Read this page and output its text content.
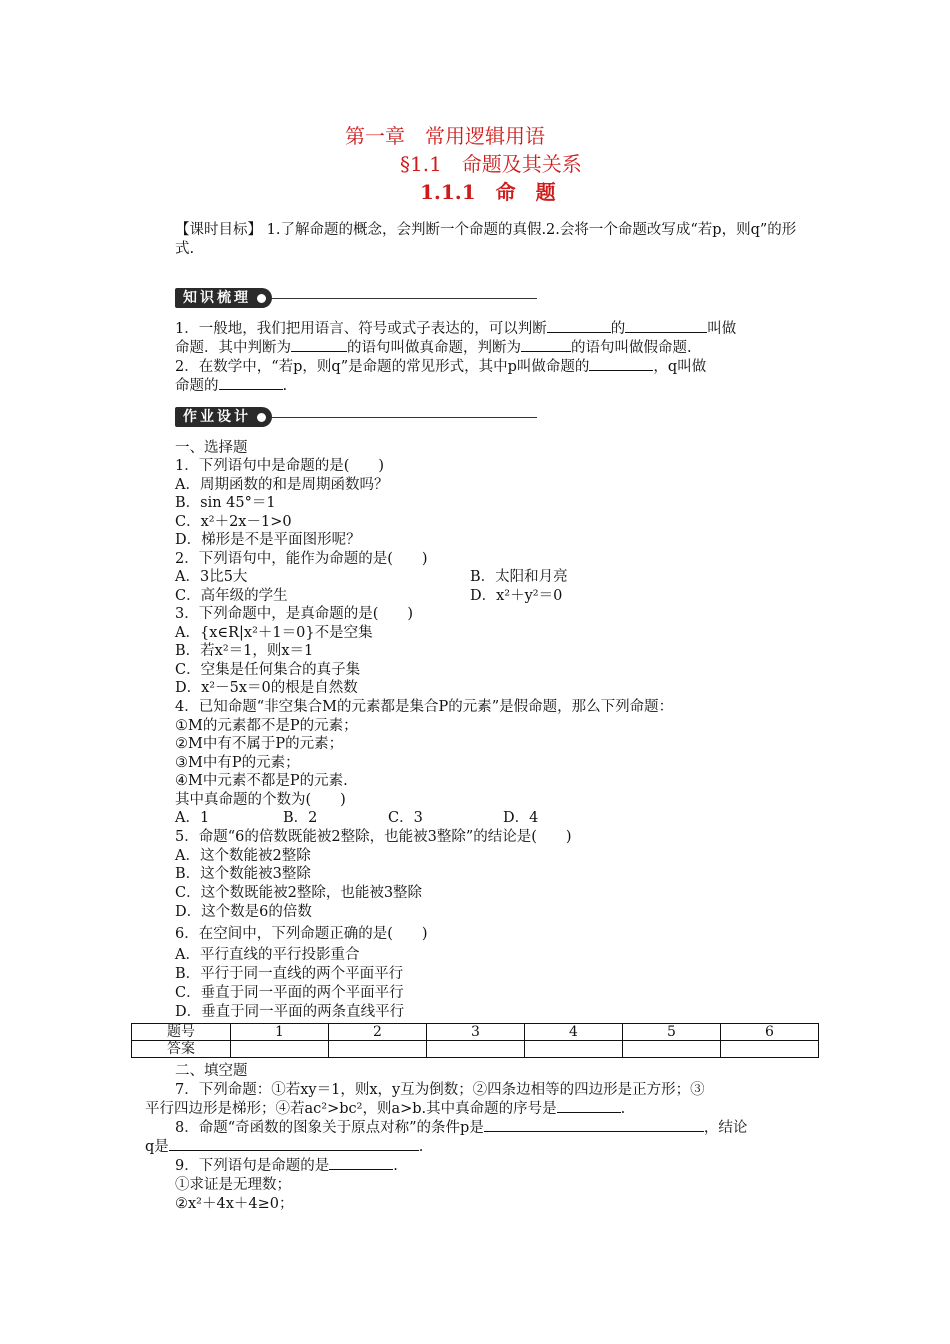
第一章　常用逻辑用语
§1.1　命题及其关系
1.1.1　命　题
【课时目标】 1.了解命题的概念，会判断一个命题的真假.2.会将一个命题改写成“若p，则q”的形式.
知识梳理
1．一般地，我们把用语言、符号或式子表达的，可以判断	的	叫做
命题．其中判断为	的语句叫做真命题，判断为	的语句叫做假命题.
2．在数学中，“若p，则q”是命题的常见形式，其中p叫做命题的	，q叫做
命题的	.
作业设计
一、选择题
1．下列语句中是命题的是(　　)
A．周期函数的和是周期函数吗？
B．sin 45°＝1
C．x²＋2x－1>0
D．梯形是不是平面图形呢？
2．下列语句中，能作为命题的是(　　)
A．3比5大	B．太阳和月亮
C．高年级的学生	D．x²＋y²＝0
3．下列命题中，是真命题的是(　　)
A．{x∈R|x²＋1＝0}不是空集
B．若x²＝1，则x＝1
C．空集是任何集合的真子集
D．x²－5x＝0的根是自然数
4．已知命题“非空集合M的元素都是集合P的元素”是假命题，那么下列命题：
①M的元素都不是P的元素；
②M中有不属于P的元素；
③M中有P的元素；
④M中元素不都是P的元素.
其中真命题的个数为(　　)
A．1	B．2	C．3	D．4
5．命题“6的倍数既能被2整除，也能被3整除”的结论是(　　)
A．这个数能被2整除
B．这个数能被3整除
C．这个数既能被2整除，也能被3整除
D．这个数是6的倍数
6．在空间中，下列命题正确的是(　　)
A．平行直线的平行投影重合
B．平行于同一直线的两个平面平行
C．垂直于同一平面的两个平面平行
D．垂直于同一平面的两条直线平行
题号	1	2	3	4	5	6
答案						
二、填空题
7．下列命题：①若xy＝1，则x，y互为倒数；②四条边相等的四边形是正方形；③
平行四边形是梯形；④若ac²>bc²，则a>b.其中真命题的序号是	.
8．命题“奇函数的图象关于原点对称”的条件p是	，结论
q是	.
9．下列语句是命题的是	.
①求证是无理数；
②x²＋4x＋4≥0；
